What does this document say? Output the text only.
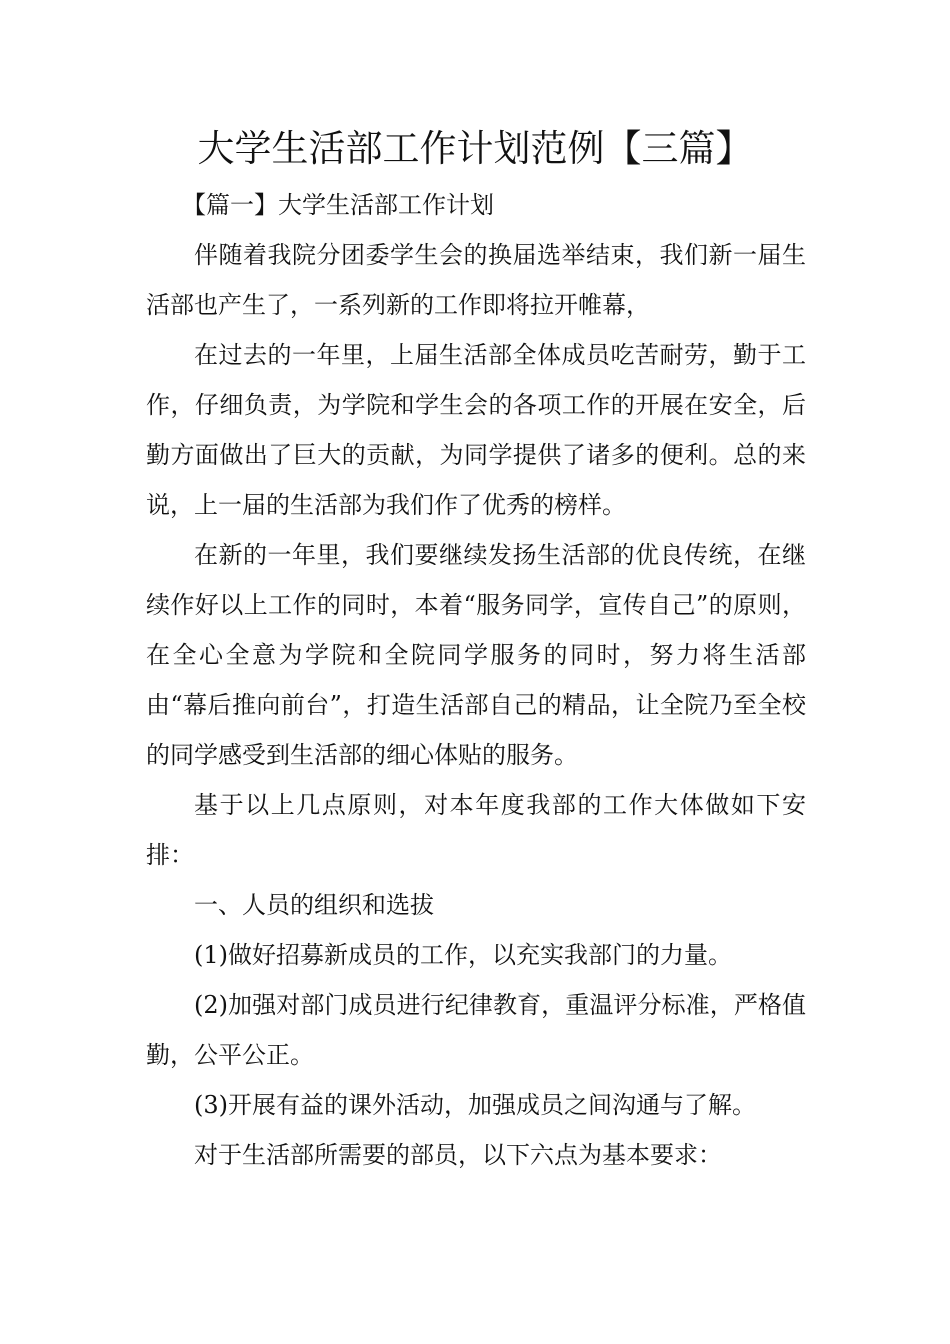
大学生活部工作计划范例【三篇】

【篇一】大学生活部工作计划

伴随着我院分团委学生会的换届选举结束，我们新一届生活部也产生了，一系列新的工作即将拉开帷幕，

在过去的一年里，上届生活部全体成员吃苦耐劳，勤于工作，仔细负责，为学院和学生会的各项工作的开展在安全，后勤方面做出了巨大的贡献，为同学提供了诸多的便利。总的来说，上一届的生活部为我们作了优秀的榜样。

在新的一年里，我们要继续发扬生活部的优良传统，在继续作好以上工作的同时，本着“服务同学，宣传自己”的原则，在全心全意为学院和全院同学服务的同时，努力将生活部由“幕后推向前台”，打造生活部自己的精品，让全院乃至全校的同学感受到生活部的细心体贴的服务。

基于以上几点原则，对本年度我部的工作大体做如下安排：

一、人员的组织和选拔

(1)做好招募新成员的工作，以充实我部门的力量。

(2)加强对部门成员进行纪律教育，重温评分标准，严格值勤，公平公正。

(3)开展有益的课外活动，加强成员之间沟通与了解。

对于生活部所需要的部员，以下六点为基本要求：
